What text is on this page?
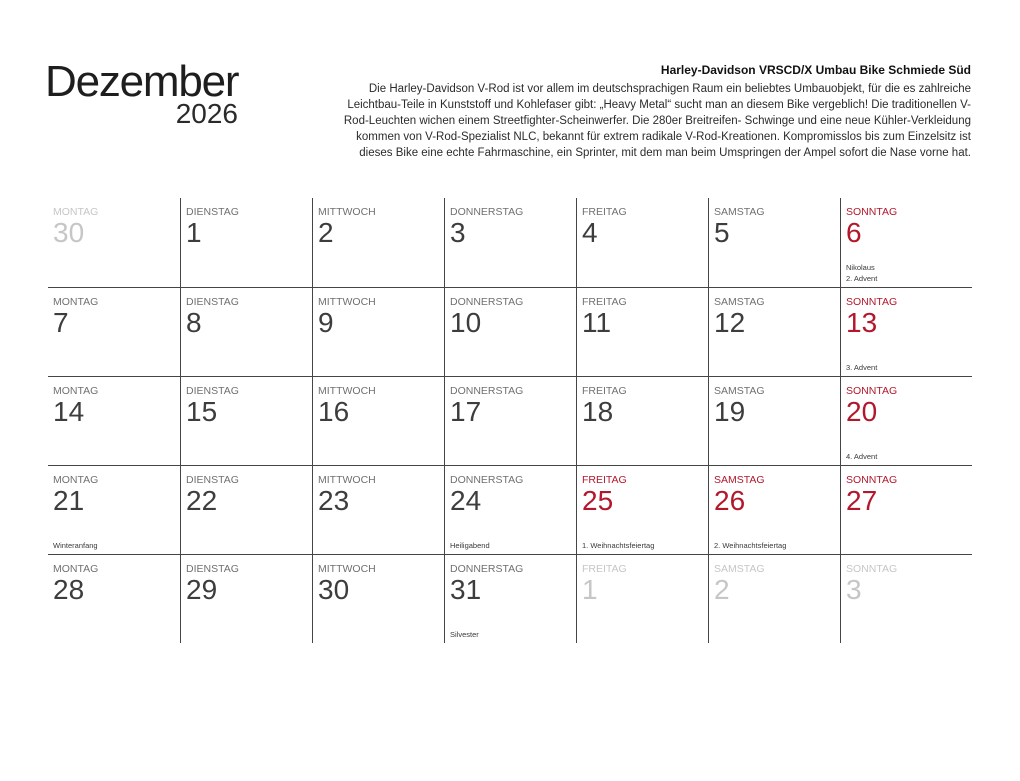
Dezember
2026
Harley-Davidson VRSCD/X Umbau Bike Schmiede Süd
Die Harley-Davidson V-Rod ist vor allem im deutschsprachigen Raum ein beliebtes Umbauobjekt, für die es zahlreiche
Leichtbau-Teile in Kunststoff und Kohlefaser gibt: „Heavy Metal“ sucht man an diesem Bike vergeblich! Die traditionellen V-
Rod-Leuchten wichen einem Streetfighter-Scheinwerfer. Die 280er Breitreifen- Schwinge und eine neue Kühler-Verkleidung
kommen von V-Rod-Spezialist NLC, bekannt für extrem radikale V-Rod-Kreationen. Kompromisslos bis zum Einzelsitz ist
dieses Bike eine echte Fahrmaschine, ein Sprinter, mit dem man beim Umspringen der Ampel sofort die Nase vorne hat.
MONTAG
30
DIENSTAG
1
MITTWOCH
2
DONNERSTAG
3
FREITAG
4
SAMSTAG
5
SONNTAG
6
Nikolaus
2. Advent
MONTAG
7
DIENSTAG
8
MITTWOCH
9
DONNERSTAG
10
FREITAG
11
SAMSTAG
12
SONNTAG
13
3. Advent
MONTAG
14
DIENSTAG
15
MITTWOCH
16
DONNERSTAG
17
FREITAG
18
SAMSTAG
19
SONNTAG
20
4. Advent
MONTAG
21
Winteranfang
DIENSTAG
22
MITTWOCH
23
DONNERSTAG
24
Heiligabend
FREITAG
25
1. Weihnachtsfeiertag
SAMSTAG
26
2. Weihnachtsfeiertag
SONNTAG
27
MONTAG
28
DIENSTAG
29
MITTWOCH
30
DONNERSTAG
31
Silvester
FREITAG
1
SAMSTAG
2
SONNTAG
3
